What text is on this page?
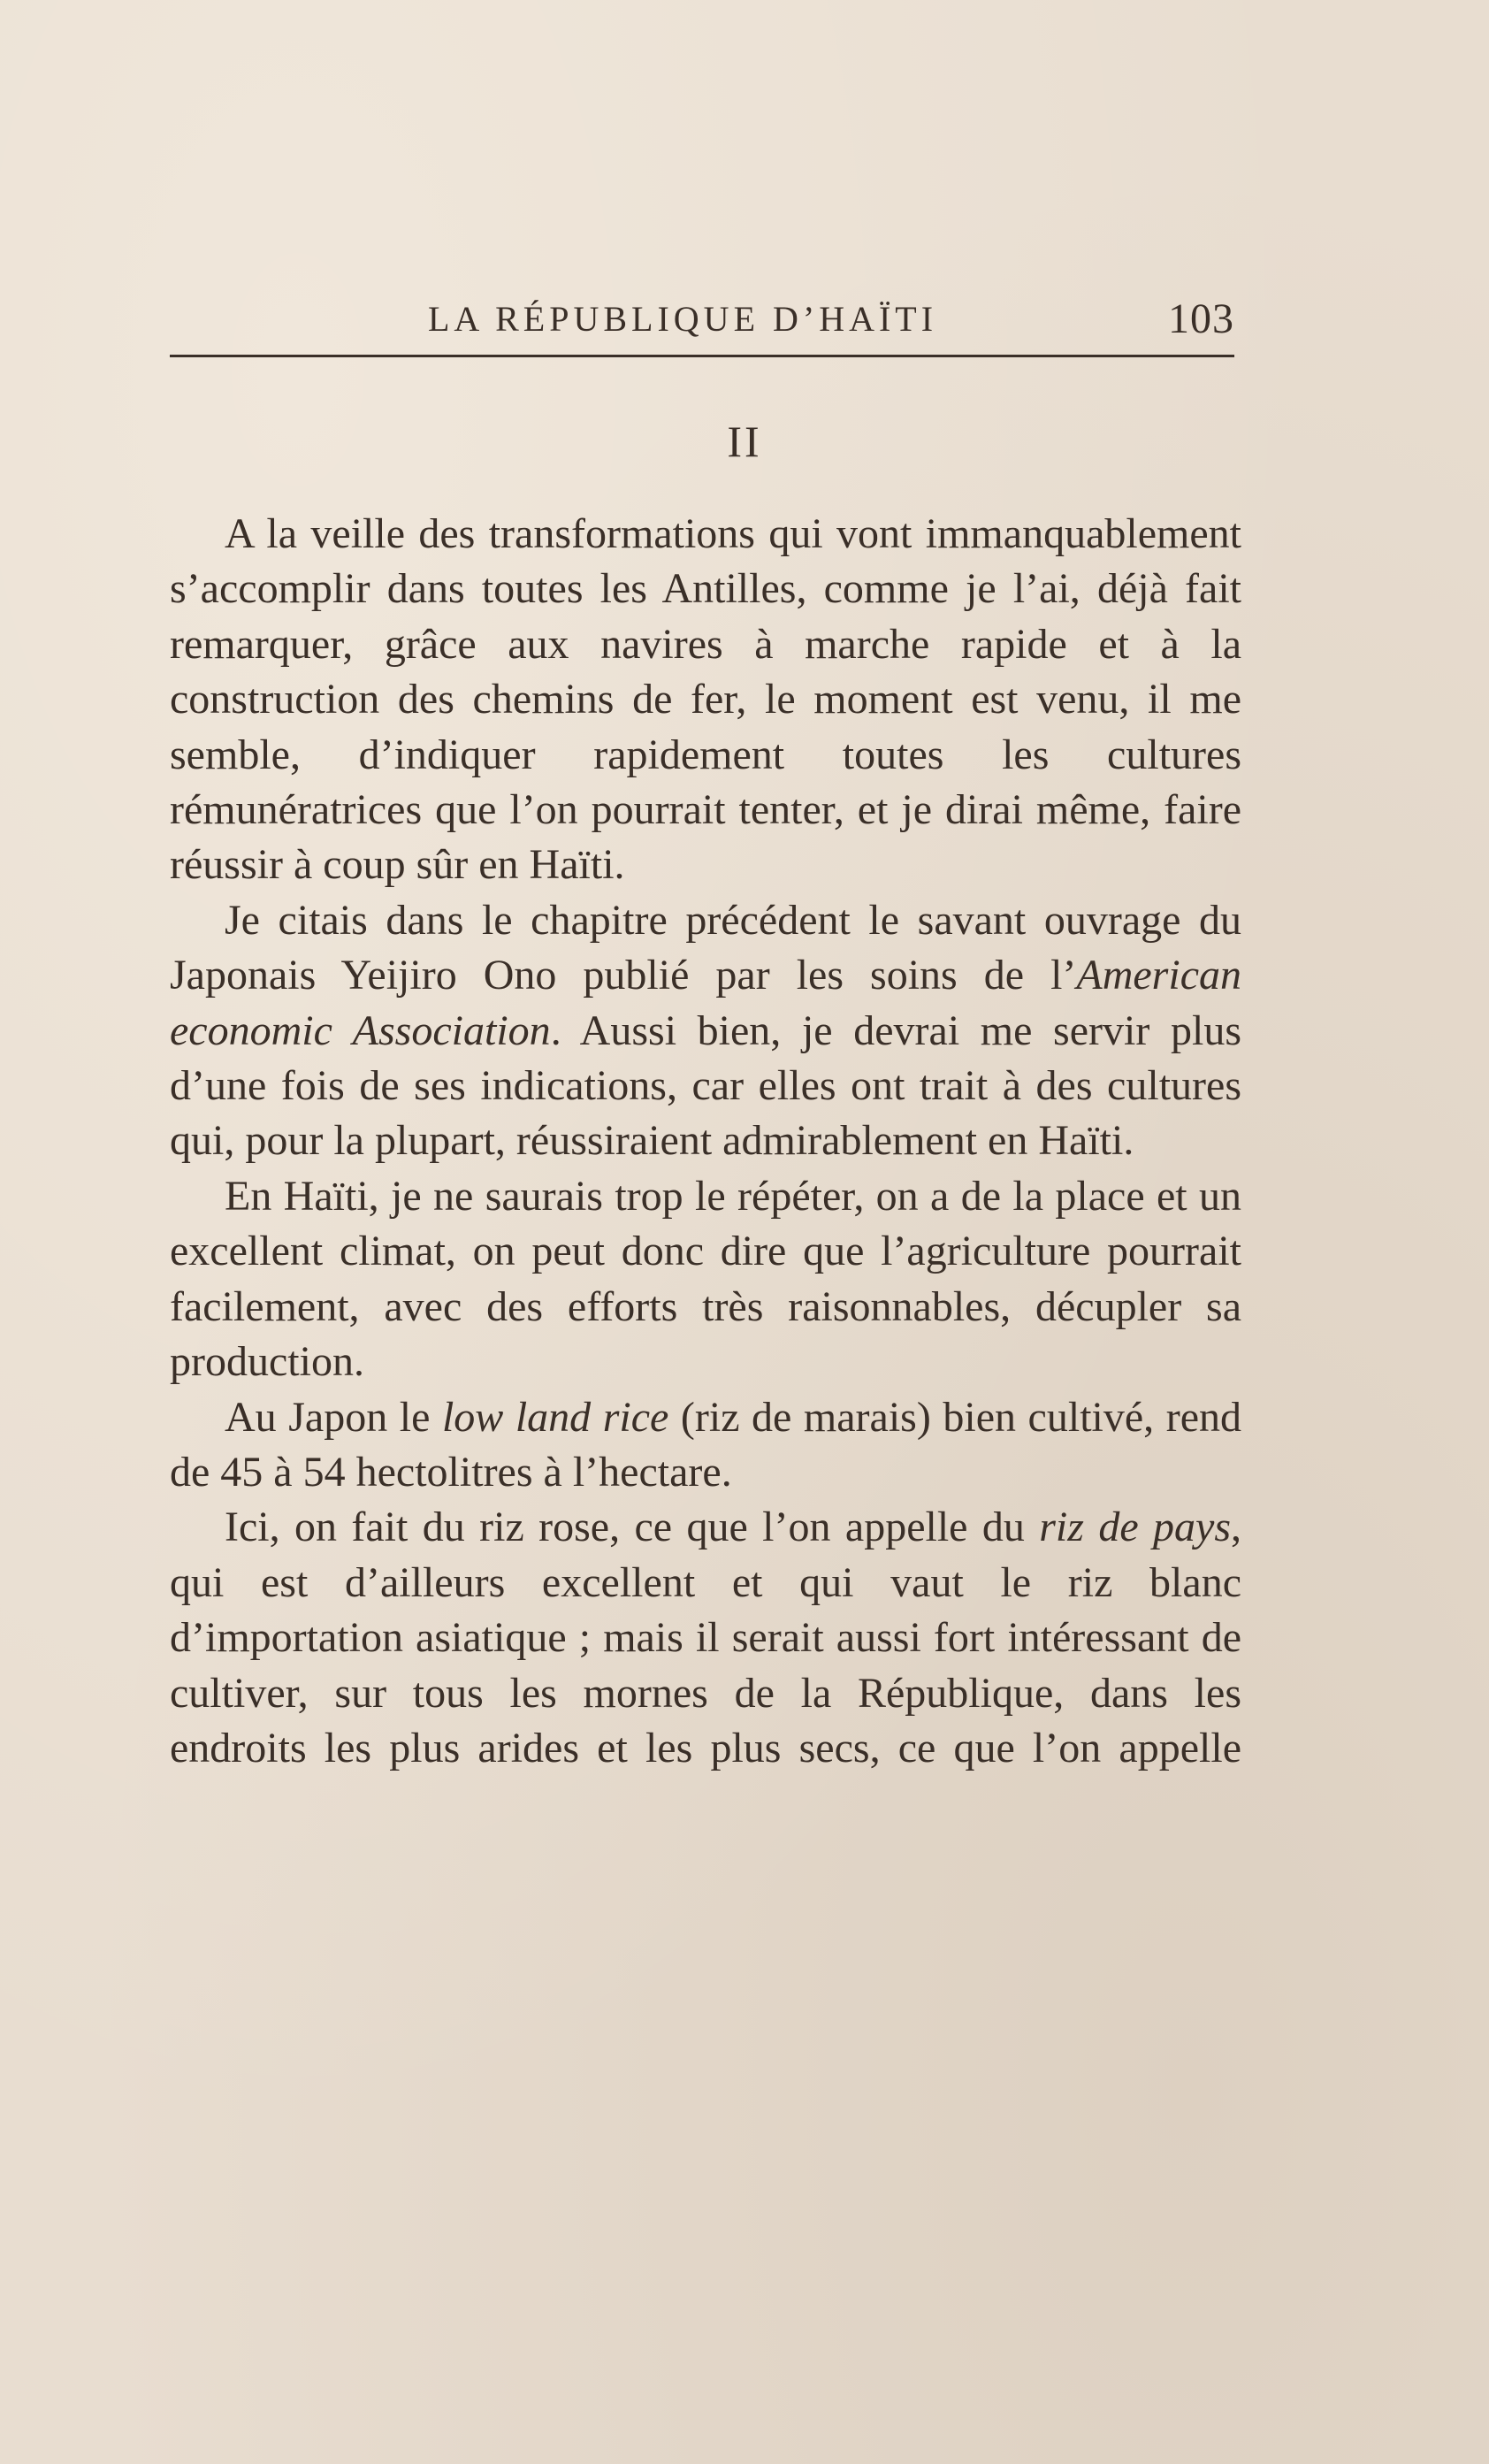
LA RÉPUBLIQUE D’HAÏTI	103
II

A la veille des transformations qui vont immanquablement s’accomplir dans toutes les Antilles, comme je l’ai, déjà fait remarquer, grâce aux navires à marche rapide et à la construction des chemins de fer, le moment est venu, il me semble, d’indiquer rapidement toutes les cultures rémunératrices que l’on pourrait tenter, et je dirai même, faire réussir à coup sûr en Haïti.

Je citais dans le chapitre précédent le savant ouvrage du Japonais Yeijiro Ono publié par les soins de l’American economic Association. Aussi bien, je devrai me servir plus d’une fois de ses indications, car elles ont trait à des cultures qui, pour la plupart, réussiraient admirablement en Haïti.

En Haïti, je ne saurais trop le répéter, on a de la place et un excellent climat, on peut donc dire que l’agriculture pourrait facilement, avec des efforts très raisonnables, décupler sa production.

Au Japon le low land rice (riz de marais) bien cultivé, rend de 45 à 54 hectolitres à l’hectare.

Ici, on fait du riz rose, ce que l’on appelle du riz de pays, qui est d’ailleurs excellent et qui vaut le riz blanc d’importation asiatique ; mais il serait aussi fort intéressant de cultiver, sur tous les mornes de la République, dans les endroits les plus arides et les plus secs, ce que l’on appelle
